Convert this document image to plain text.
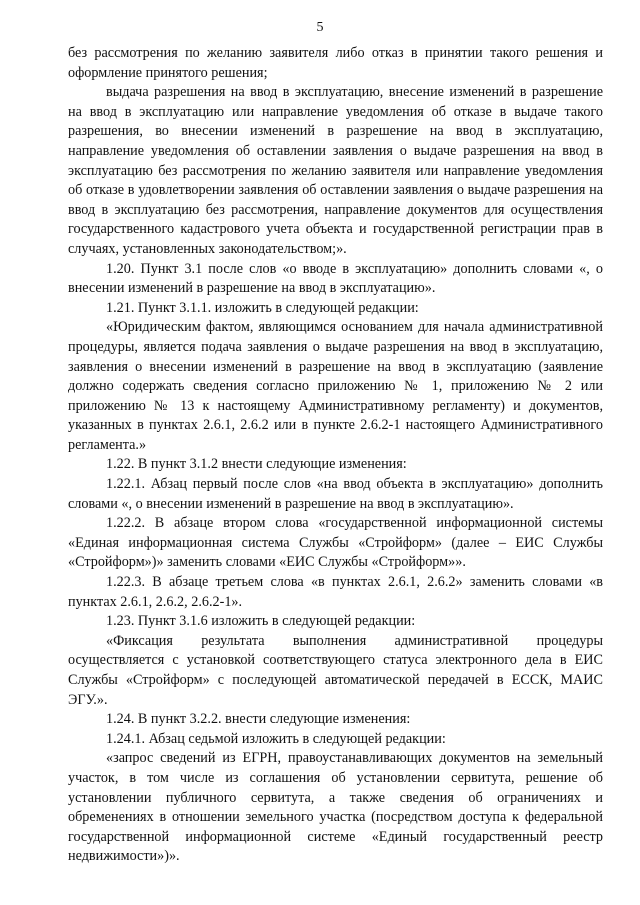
5

без рассмотрения по желанию заявителя либо отказ в принятии такого решения и оформление принятого решения;

выдача разрешения на ввод в эксплуатацию, внесение изменений в разрешение на ввод в эксплуатацию или направление уведомления об отказе в выдаче такого разрешения, во внесении изменений в разрешение на ввод в эксплуатацию, направление уведомления об оставлении заявления о выдаче разрешения на ввод в эксплуатацию без рассмотрения по желанию заявителя или направление уведомления об отказе в удовлетворении заявления об оставлении заявления о выдаче разрешения на ввод в эксплуатацию без рассмотрения, направление документов для осуществления государственного кадастрового учета объекта и государственной регистрации прав в случаях, установленных законодательством;».

1.20. Пункт 3.1 после слов «о вводе в эксплуатацию» дополнить словами «, о внесении изменений в разрешение на ввод в эксплуатацию».

1.21. Пункт 3.1.1. изложить в следующей редакции:

«Юридическим фактом, являющимся основанием для начала административной процедуры, является подача заявления о выдаче разрешения на ввод в эксплуатацию, заявления о внесении изменений в разрешение на ввод в эксплуатацию (заявление должно содержать сведения согласно приложению № 1, приложению № 2 или приложению № 13 к настоящему Административному регламенту) и документов, указанных в пунктах 2.6.1, 2.6.2 или в пункте 2.6.2-1 настоящего Административного регламента.»

1.22. В пункт 3.1.2 внести следующие изменения:

1.22.1. Абзац первый после слов «на ввод объекта в эксплуатацию» дополнить словами «, о внесении изменений в разрешение на ввод в эксплуатацию».

1.22.2. В абзаце втором слова «государственной информационной системы «Единая информационная система Службы «Стройформ» (далее – ЕИС Службы «Стройформ»)» заменить словами «ЕИС Службы «Стройформ»».

1.22.3. В абзаце третьем слова «в пунктах 2.6.1, 2.6.2» заменить словами «в пунктах 2.6.1, 2.6.2, 2.6.2-1».

1.23. Пункт 3.1.6 изложить в следующей редакции:

«Фиксация результата выполнения административной процедуры осуществляется с установкой соответствующего статуса электронного дела в ЕИС Службы «Стройформ» с последующей автоматической передачей в ЕССК, МАИС ЭГУ.».

1.24. В пункт 3.2.2. внести следующие изменения:

1.24.1. Абзац седьмой изложить в следующей редакции:

«запрос сведений из ЕГРН, правоустанавливающих документов на земельный участок, в том числе из соглашения об установлении сервитута, решение об установлении публичного сервитута, а также сведения об ограничениях и обременениях в отношении земельного участка (посредством доступа к федеральной государственной информационной системе «Единый государственный реестр недвижимости»)».
